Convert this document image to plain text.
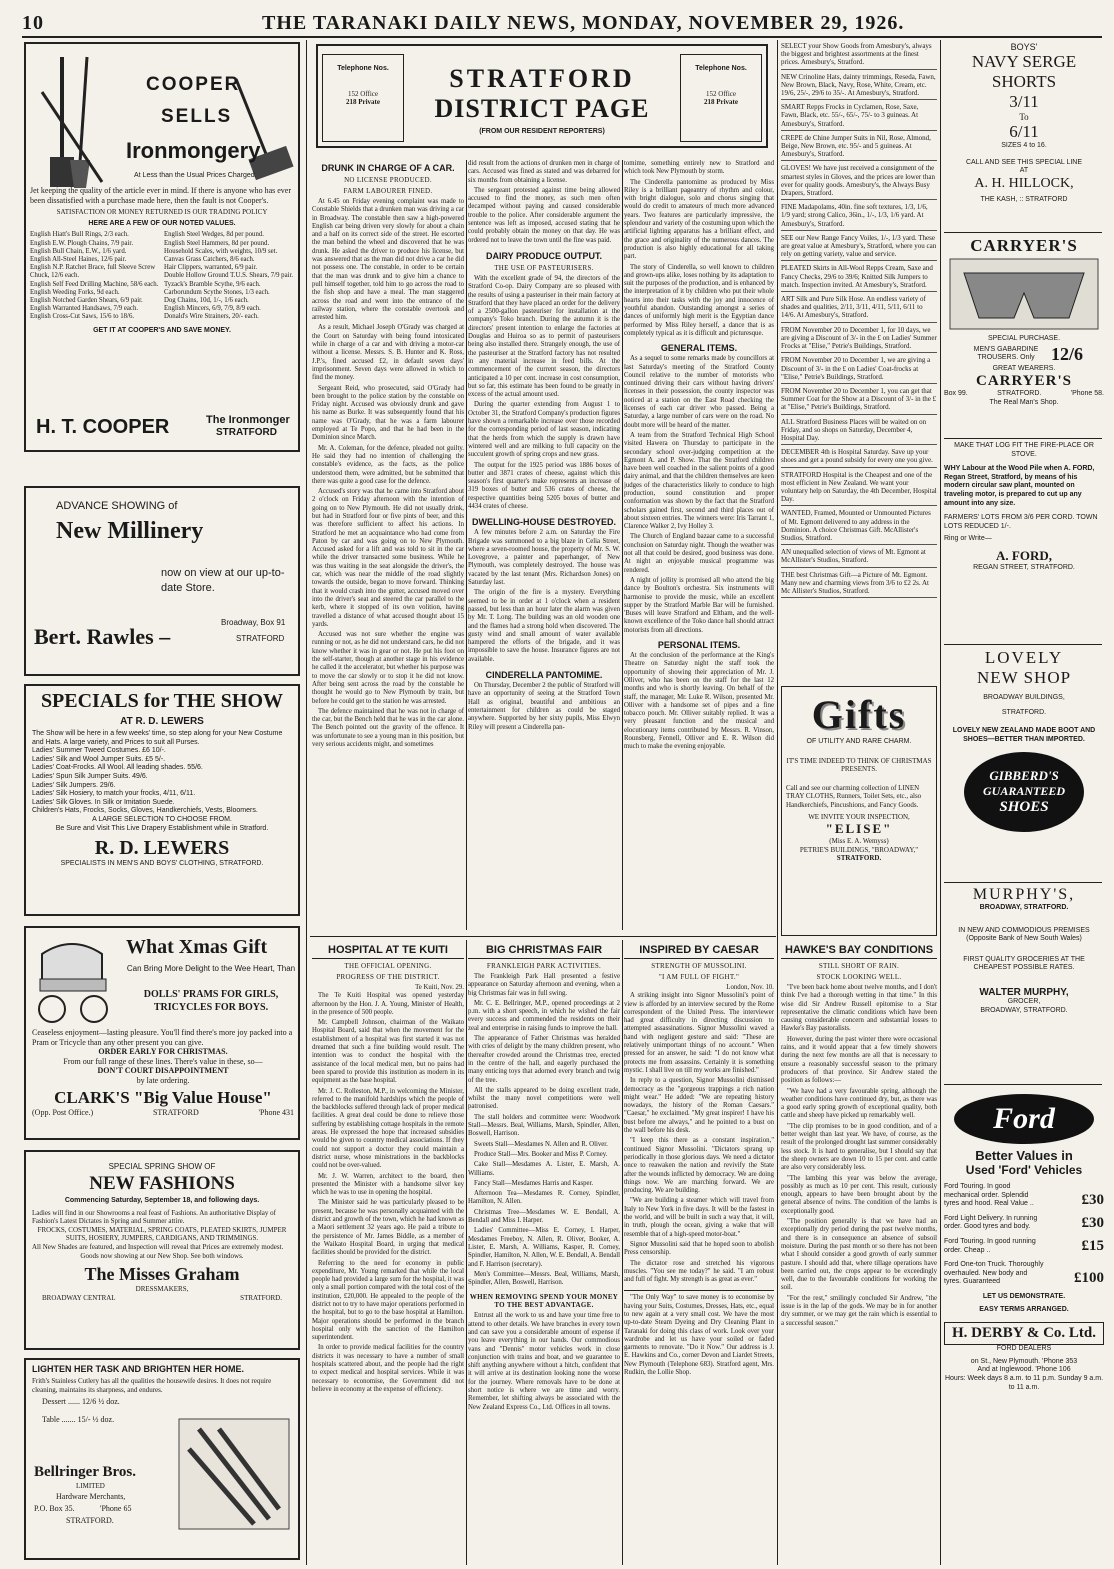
10	THE TARANAKI DAILY NEWS, MONDAY, NOVEMBER 29, 1926.
COOPER
SELLS
Ironmongery
At Less than the Usual Prices Charged.
Jet keeping the quality of the article ever in mind. If there is anyone who has ever been dissatisfied with a purchase made here, then the fault is not Cooper's.
SATISFACTION OR MONEY RETURNED IS OUR TRADING POLICY
HERE ARE A FEW OF OUR NOTED VALUES.
English Hiatt's Bull Rings, 2/3 each.
English E.W. Plough Chains, 7/9 pair.
English Bull Chain, E.W., 1/6 yard.
English All-Steel Haines, 12/6 pair.
English N.P. Ratchet Brace, full Sleeve Screw Chuck, 12/6 each.
English Self Feed Drilling Machine, 58/6 each.
English Weeding Forks, 9d each.
English Notched Garden Shears, 6/9 pair.
English Warranted Handsaws, 7/9 each.
English Cross-Cut Saws, 15/6 to 18/6.
English Steel Wedges, 8d per pound.
English Steel Hammers, 8d per pound.
Household Scales, with weights, 10/9 set.
Canvas Grass Catchers, 8/6 each.
Hair Clippers, warranted, 6/9 pair.
Double Hollow Ground T.U.S. Shears, 7/9 pair.
Tyzack's Bramble Scythe, 9/6 each.
Carborundum Scythe Stones, 1/3 each.
Dog Chains, 10d, 1/-, 1/6 each.
English Mincers, 6/9, 7/9, 8/9 each.
Donald's Wire Strainers, 20/- each.
GET IT AT COOPER'S AND SAVE MONEY.
H. T. COOPER	The Ironmonger
STRATFORD
ADVANCE SHOWING of
New Millinery
now on view at our up-to-date Store.
Bert. Rawles –
Broadway, Box 91
STRATFORD
SPECIALS for THE SHOW
AT R. D. LEWERS
The Show will be here in a few weeks' time, so step along for your New Costume and Hats. A large variety, and Prices to suit all Purses.
Ladies' Summer Tweed Costumes. £6 10/-.
Ladies' Silk and Wool Jumper Suits. £5 5/-.
Ladies' Coat-Frocks. All Wool. All leading shades. 55/6.
Ladies' Spun Silk Jumper Suits. 49/6.
Ladies' Silk Jumpers. 29/6.
Ladies' Silk Hosiery, to match your frocks, 4/11, 6/11.
Ladies' Silk Gloves. In Silk or Imitation Suede.
Children's Hats, Frocks, Socks, Gloves, Handkerchiefs, Vests, Bloomers.
A LARGE SELECTION TO CHOOSE FROM.
Be Sure and Visit This Live Drapery Establishment while in Stratford.
R. D. LEWERS
SPECIALISTS IN MEN'S AND BOYS' CLOTHING, STRATFORD.
What Xmas Gift
Can Bring More Delight to the Wee Heart, Than
DOLLS' PRAMS FOR GIRLS, TRICYCLES FOR BOYS.
Ceaseless enjoyment—lasting pleasure. You'll find there's more joy packed into a Pram or Tricycle than any other present you can give.
ORDER EARLY FOR CHRISTMAS.
From our full range of these lines. There's value in these, so—
DON'T COURT DISAPPOINTMENT
by late ordering.
CLARK'S "Big Value House"
(Opp. Post Office.)	STRATFORD	'Phone 431
SPECIAL SPRING SHOW OF
NEW FASHIONS
Commencing Saturday, September 18, and following days.
Ladies will find in our Showrooms a real feast of Fashions. An authoritative Display of Fashion's Latest Dictates in Spring and Summer attire.
FROCKS, COSTUMES, MATERIAL, SPRING COATS, PLEATED SKIRTS, JUMPER SUITS, HOSIERY, JUMPERS, CARDIGANS, AND TRIMMINGS.
All New Shades are featured, and Inspection will reveal that Prices are extremely modest.
Goods now showing at our New Shop. See both windows.
The Misses Graham
DRESSMAKERS,
BROADWAY CENTRAL	STRATFORD.
LIGHTEN HER TASK AND BRIGHTEN HER HOME.
Frith's Stainless Cutlery has all the qualities the housewife desires. It does not require cleaning, maintains its sharpness, and endures.
Dessert ...... 12/6 ½ doz.
Table ....... 15/- ½ doz.
Bellringer Bros.
LIMITED
Hardware Merchants,
P.O. Box 35.	'Phone 65
STRATFORD.
Telephone Nos.
152 Office
218 Private
STRATFORD
DISTRICT PAGE
(FROM OUR RESIDENT REPORTERS)
Telephone Nos.
152 Office
218 Private
DRUNK IN CHARGE OF A CAR.
NO LICENSE PRODUCED.
FARM LABOURER FINED.

At 6.45 on Friday evening complaint was made to Constable Shields that a drunken man was driving a car in Broadway. The constable then saw a high-powered English car being driven very slowly for about a chain and a half on its correct side of the street. He escorted the man behind the wheel and discovered that he was drunk. He asked the driver to produce his license, but was answered that as the man did not drive a car he did not possess one. The constable, in order to be certain that the man was drunk and to give him a chance to pull himself together, told him to go across the road to the fish shop and have a meal. The man staggered across the road and went into the entrance of the railway station, where the constable overtook and arrested him.

As a result, Michael Joseph O'Grady was charged at the Court on Saturday with being found intoxicated while in charge of a car and with driving a motor-car without a license. Messrs. S. B. Hunter and K. Ross, J.P.'s, fined accused £2, in default seven days' imprisonment. Seven days were allowed in which to find the money.

Sergeant Reid, who prosecuted, said O'Grady had been brought to the police station by the constable on Friday night. Accused was obviously drunk and gave his name as Burke. It was subsequently found that his name was O'Grady, that he was a farm labourer employed at Te Popo, and that he had been in the Dominion since March.

Mr. A. Coleman, for the defence, pleaded not guilty. He said they had no intention of challenging the constable's evidence, as the facts, as the police understood them, were admitted, but he submitted that there was quite a good case for the defence.

Accused's story was that he came into Stratford about 2 o'clock on Friday afternoon with the intention of going on to New Plymouth. He did not usually drink, but had in Stratford four or five pints of beer, and this was therefore sufficient to affect his actions. In Stratford he met an acquaintance who had come from Paton by car and was going on to New Plymouth. Accused asked for a lift and was told to sit in the car while the driver transacted some business. While he was thus waiting in the seat alongside the driver's, the car, which was near the middle of the road slightly towards the outside, began to move forward. Thinking that it would crash into the gutter, accused moved over into the driver's seat and steered the car parallel to the kerb, where it stopped of its own volition, having travelled a distance of what accused thought about 15 yards.

Accused was not sure whether the engine was running or not, as he did not understand cars, he did not know whether it was in gear or not. He put his foot on the self-starter, though at another stage in his evidence he called it the accelerator, but whether his purpose was to move the car slowly or to stop it he did not know. After being sent across the road by the constable he thought he would go to New Plymouth by train, but before he could get to the station he was arrested.

The defence maintained that he was not in charge of the car, but the Bench held that he was in the car alone. The Bench pointed out the gravity of the offence. It was unfortunate to see a young man in this position, but very serious accidents might, and sometimes

did result from the actions of drunken men in charge of cars. Accused was fined as stated and was debarred for six months from obtaining a license.

The sergeant protested against time being allowed accused to find the money, as such men often decamped without paying and caused considerable trouble to the police. After considerable argument the sentence was left as imposed, accused stating that he could probably obtain the money on that day. He was ordered not to leave the town until the fine was paid.

DAIRY PRODUCE OUTPUT.
THE USE OF PASTEURISERS.

With the excellent grade of 94, the directors of the Stratford Co-op. Dairy Company are so pleased with the results of using a pasteuriser in their main factory at Stratford that they have placed an order for the delivery of a 2500-gallon pasteuriser for installation at the company's Toko branch. During the autumn it is the directors' present intention to enlarge the factories at Douglas and Huiroa so as to permit of pasteurisers being also installed there. Strangely enough, the use of the pasteuriser at the Stratford factory has not resulted in any material increase in feed bills. At the commencement of the current season, the directors anticipated a 10 per cent. increase in cost consumption, but so far, this estimate has been found to be greatly in excess of the actual amount used.

During the quarter extending from August 1 to October 31, the Stratford Company's production figures have shown a remarkable increase over those recorded for the corresponding period of last season, indicating that the herds from which the supply is drawn have wintered well and are milking to full capacity on the succulent growth of spring crops and new grass.

The output for the 1925 period was 1886 boxes of butter and 3871 crates of cheese, against which this season's first quarter's make represents an increase of 319 boxes of butter and 536 crates of cheese, the respective quantities being 5205 boxes of butter and 4434 crates of cheese.

DWELLING-HOUSE DESTROYED.

A few minutes before 2 a.m. on Saturday the Fire Brigade was summoned to a big blaze in Celia Street, where a seven-roomed house, the property of Mr. S. W. Lovegrove, a painter and paperhanger, of New Plymouth, was completely destroyed. The house was vacated by the last tenant (Mrs. Richardson Jones) on Saturday last.

The origin of the fire is a mystery. Everything seemed to be in order at 1 o'clock when a resident passed, but less than an hour later the alarm was given by Mr. T. Long. The building was an old wooden one and the flames had a strong hold when discovered. The gusty wind and small amount of water available hampered the efforts of the brigade, and it was impossible to save the house. Insurance figures are not available.

CINDERELLA PANTOMIME.

On Thursday, December 2 the public of Stratford will have an opportunity of seeing at the Stratford Town Hall as original, beautiful and ambitious an entertainment for children as could be staged anywhere. Supported by her sixty pupils, Miss Elwyn Riley will present a Cinderella pan-

tomime, something entirely new to Stratford and which took New Plymouth by storm.

The Cinderella pantomime as produced by Miss Riley is a brilliant pageantry of rhythm and colour, with bright dialogue, solo and chorus singing that would do credit to amateurs of much more advanced years. Two features are particularly impressive, the splendour and variety of the costuming upon which the artificial lighting apparatus has a brilliant effect, and the grace and originality of the numerous dances. The production is also highly educational for all taking part.

The story of Cinderella, so well known to children and grown-ups alike, loses nothing by its adaptation to suit the purposes of the production, and is enhanced by the interpretation of it by children who put their whole hearts into their tasks with the joy and innocence of youthful abandon. Outstanding amongst a series of dances of uniformly high merit is the Egyptian dance performed by Miss Riley herself, a dance that is as completely typical as it is difficult and picturesque.

GENERAL ITEMS.

As a sequel to some remarks made by councillors at last Saturday's meeting of the Stratford County Council relative to the number of motorists who continued driving their cars without having drivers' licenses in their possession, the county inspector was noticed at a station on the East Road checking the licenses of each car driver who passed. Being a Saturday, a large number of cars were on the road. No doubt more will be heard of the matter.

A team from the Stratford Technical High School visited Hawera on Thursday to participate in the secondary school over-judging competition at the Egmont A. and P. Show. That the Stratford children have been well coached in the salient points of a good dairy animal, and that the children themselves are keen judges of the characteristics likely to conduce to high production, sound constitution and proper conformation was shown by the fact that the Stratford scholars gained first, second and third places out of about sixteen entries. The winners were: Iris Tarrant 1, Clarence Walker 2, Ivy Holley 3.

The Church of England bazaar came to a successful conclusion on Saturday night. Though the weather was not all that could be desired, good business was done. At night an enjoyable musical programme was rendered.

A night of jollity is promised all who attend the big dance by Boulton's orchestra. Six instruments will harmonise to provide the music, while an excellent supper by the Stratford Marble Bar will be furnished. 'Buses will leave Stratford and Eltham, and the well-known excellence of the Toko dance hall should attract motorists from all directions.

PERSONAL ITEMS.

At the conclusion of the performance at the King's Theatre on Saturday night the staff took the opportunity of showing their appreciation of Mr. J. Olliver, who has been on the staff for the last 12 months and who is shortly leaving. On behalf of the staff, the manager, Mr. Luke R. Wilson, presented Mr. Olliver with a handsome set of pipes and a fine tobacco pouch. Mr. Olliver suitably replied. It was a very pleasant function and the musical and elocutionary items contributed by Messrs. R. Vinson, Rounsberg, Fennell, Olliver and E. R. Wilson did much to make the evening enjoyable.

HOSPITAL AT TE KUITI
THE OFFICIAL OPENING.
PROGRESS OF THE DISTRICT.
Te Kuiti, Nov. 29.

The Te Kuiti Hospital was opened yesterday afternoon by the Hon. J. A. Young, Minister of Health, in the presence of 500 people.

Mr. Campbell Johnson, chairman of the Waikato Hospital Board, said that when the movement for the establishment of a hospital was first started it was not dreamed that such a fine building would result. The intention was to conduct the hospital with the assistance of the local medical men, but no pains had been spared to provide this institution as modern in its equipment as the base hospital.

Mr. J. C. Rolleston, M.P., in welcoming the Minister, referred to the manifold hardships which the people of the backblocks suffered through lack of proper medical facilities. A great deal could be done to relieve those suffering by establishing cottage hospitals in the remote areas. He expressed the hope that increased subsidies would be given to country medical associations. If they could not support a doctor they could maintain a district nurse, whose ministrations in the backblocks could not be over-valued.

Mr. J. W. Warren, architect to the board, then presented the Minister with a handsome silver key which he was to use in opening the hospital.

The Minister said he was particularly pleased to be present, because he was personally acquainted with the district and growth of the town, which he had known as a Maori settlement 32 years ago. He paid a tribute to the persistence of Mr. James Biddle, as a member of the Waikato Hospital Board, in urging that medical facilities should be provided for the district.

Referring to the need for economy in public expenditure, Mr. Young remarked that while the local people had provided a large sum for the hospital, it was only a small portion compared with the total cost of the institution, £20,000. He appealed to the people of the district not to try to have major operations performed in the hospital, but to go to the base hospital at Hamilton. Major operations should be performed in the branch hospital only with the sanction of the Hamilton superintendent.

In order to provide medical facilities for the country districts it was necessary to have a number of small hospitals scattered about, and the people had the right to expect medical and hospital services. While it was necessary to economise, the Government did not believe in economy at the expense of efficiency.

BIG CHRISTMAS FAIR
FRANKLEIGH PARK ACTIVITIES.

The Frankleigh Park Hall presented a festive appearance on Saturday afternoon and evening, when a big Christmas fair was in full swing.

Mr. C. E. Bellringer, M.P., opened proceedings at 2 p.m. with a short speech, in which he wished the fair every success and commended the residents on their zeal and enterprise in raising funds to improve the hall.

The appearance of Father Christmas was heralded with cries of delight by the many children present, who thereafter crowded around the Christmas tree, erected in the centre of the hall, and eagerly purchased the many enticing toys that adorned every branch and twig of the tree.

All the stalls appeared to be doing excellent trade, whilst the many novel competitions were well patronised.

The stall holders and committee were: Woodwork Stall—Messrs. Beal, Williams, Marsh, Spindler, Allen, Boswell, Harrison.

Sweets Stall—Mesdames N. Allen and R. Oliver.

Produce Stall—Mrs. Booker and Miss P. Corney.

Cake Stall—Mesdames A. Lister, E. Marsh, A. Williams.

Fancy Stall—Mesdames Harris and Kasper.

Afternoon Tea—Mesdames R. Corney, Spindler, Hamilton, N. Allen.

Christmas Tree—Mesdames W. E. Bendall, A. Bendall and Miss I. Harper.

Ladies' Committee—Miss E. Corney, I. Harper, Mesdames Freeboy, N. Allen, R. Oliver, Booker, A. Lister, E. Marsh, A. Williams, Kasper, R. Corney, Spindler, Hamilton, N. Allen, W. E. Bendall, A. Bendall and F. Harrison (secretary).

Men's Committee—Messrs. Beal, Williams, Marsh, Spindler, Allen, Boswell, Harrison.

WHEN REMOVING SPEND YOUR MONEY TO THE BEST ADVANTAGE.

Entrust all the work to us and have your time free to attend to other details. We have branches in every town and can save you a considerable amount of expense if you leave everything in our hands. Our commodious vans and "Dennis" motor vehicles work in close conjunction with trains and boat, and we guarantee to shift anything anywhere without a hitch, confident that it will arrive at its destination looking none the worse for the journey. Where removals have to be done at short notice is where we are time and worry. Remember, let shifting always be associated with the New Zealand Express Co., Ltd. Offices in all towns.

INSPIRED BY CAESAR
STRENGTH OF MUSSOLINI.
"I AM FULL OF FIGHT."
London, Nov. 10.

A striking insight into Signor Mussolini's point of view is afforded by an interview secured by the Rome correspondent of the United Press. The interviewer had great difficulty in directing discussion to attempted assassinations. Signor Mussolini waved a hand with negligent gesture and said: "These are relatively unimportant things of no account." When pressed for an answer, he said: "I do not know what protects me from assassins. Certainly it is something mystic. I shall live on till my works are finished."

In reply to a question, Signor Mussolini dismissed democracy as the "gorgeous trappings a rich nation might wear." He added: "We are repeating history nowadays, the history of the Roman Caesars." "Caesar," he exclaimed. "My great inspirer! I have his bust before me always," and he pointed to a bust on the wall before his desk.

"I keep this there as a constant inspiration," continued Signor Mussolini. "Dictators sprang up periodically in those glorious days. We need a dictator once to reawaken the nation and revivify the State after the wounds inflicted by democracy. We are doing things now. We are marching forward. We are producing. We are building.

"We are building a steamer which will travel from Italy to New York in five days. It will be the fastest in the world, and will be built in such a way that, it will, in truth, plough the ocean, giving a wake that will resemble that of a high-speed motor-boat."

Signor Mussolini said that he hoped soon to abolish Press censorship.

The dictator rose and stretched his vigorous muscles. "You see me today?" he said. "I am robust and full of fight. My strength is as great as ever."

"The Only Way" to save money is to economise by having your Suits, Costumes, Dresses, Hats, etc., equal to new again at a very small cost. We have the most up-to-date Steam Dyeing and Dry Cleaning Plant in Taranaki for doing this class of work. Look over your wardrobe and let us have your soiled or faded garments to renovate. "Do it Now." Our address is J. E. Hawkins and Co., corner Devon and Liardet Streets, New Plymouth (Telephone 683). Stratford agent, Mrs. Rudkin, the Lollie Shop.

SELECT your Show Goods from Amesbury's, always the biggest and brightest assortments at the finest prices. Amesbury's, Stratford.

NEW Crinoline Hats, dainty trimmings, Reseda, Fawn, New Brown, Black, Navy, Rose, White, Cream, etc. 19/6, 25/-, 29/6 to 35/-. At Amesbury's, Stratford.

SMART Repps Frocks in Cyclamen, Rose, Saxe, Fawn, Black, etc. 55/-, 65/-, 75/- to 3 guineas. At Amesbury's, Stratford.

CREPE de Chine Jumper Suits in Nil, Rose, Almond, Beige, New Brown, etc. 95/- and 5 guineas. At Amesbury's, Stratford.

GLOVES! We have just received a consignment of the smartest styles in Gloves, and the prices are lower than ever for quality goods. Amesbury's, the Always Busy Drapers, Stratford.

FINE Madapolams, 40in. fine soft textures, 1/3, 1/6, 1/9 yard; strong Calico, 36in., 1/-, 1/3, 1/6 yard. At Amesbury's, Stratford.

SEE our New Range Fancy Voiles, 1/-, 1/3 yard. These are great value at Amesbury's, Stratford, where you can rely on getting variety, value and service.

PLEATED Skirts in All-Wool Repps Cream, Saxe and Fancy Checks, 29/6 to 39/6; Knitted Silk Jumpers to match. Inspection invited. At Amesbury's, Stratford.

ART Silk and Pure Silk Hose. An endless variety of shades and qualities, 2/11, 3/11, 4/11, 5/11, 6/11 to 14/6. At Amesbury's, Stratford.

FROM November 20 to December 1, for 10 days, we are giving a Discount of 3/- in the £ on Ladies' Summer Frocks at "Elise," Petrie's Buildings, Stratford.

FROM November 20 to December 1, we are giving a Discount of 3/- in the £ on Ladies' Coat-frocks at "Elise," Petrie's Buildings, Stratford.

FROM November 20 to December 1, you can get that Summer Coat for the Show at a Discount of 3/- in the £ at "Elise," Petrie's Buildings, Stratford.

ALL Stratford Business Places will be waited on on Friday, and so shops on Saturday, December 4, Hospital Day.

DECEMBER 4th is Hospital Saturday. Save up your shoes and get a pound subsidy for every one you give.

STRATFORD Hospital is the Cheapest and one of the most efficient in New Zealand. We want your voluntary help on Saturday, the 4th December, Hospital Day.

WANTED, Framed, Mounted or Unmounted Pictures of Mt. Egmont delivered to any address in the Dominion. A choice Christmas Gift. McAllister's Studios, Stratford.

AN unequalled selection of views of Mt. Egmont at McAllister's Studios, Stratford.

THE best Christmas Gift—a Picture of Mt. Egmont. Many new and charming views from 3/6 to £2 2s. At Mc Allister's Studios, Stratford.

Gifts
OF UTILITY AND RARE CHARM.
IT'S TIME INDEED TO THINK OF CHRISTMAS PRESENTS.
Call and see our charming collection of LINEN TRAY CLOTHS, Runners, Toilet Sets, etc., also Handkerchiefs, Pincushions, and Fancy Goods.
WE INVITE YOUR INSPECTION,
"ELISE"
(Miss E. A. Wemyss)
PETRIE'S BUILDINGS, "BROADWAY,"
STRATFORD.
HAWKE'S BAY CONDITIONS
STILL SHORT OF RAIN.
STOCK LOOKING WELL.

"I've been back home about twelve months, and I don't think I've had a thorough wetting in that time." In this wise did Sir Andrew Russell epitomise to a Star representative the climatic conditions which have been causing considerable concern and substantial losses to Hawke's Bay pastoralists.

However, during the past winter there were occasional rains, and it would appear that a few timely showers during the next few months are all that is necessary to ensure a reasonably successful season to the primary producers of that province. Sir Andrew stated the position as follows:—

"We have had a very favourable spring, although the weather conditions have continued dry, but, as there was a good early spring growth of exceptional quality, both cattle and sheep have picked up remarkably well.

"The clip promises to be in good condition, and of a better weight than last year. We have, of course, as the result of the prolonged drought last summer considerably less stock. It is hard to generalise, but I should say that the sheep owners are down 10 to 15 per cent. and cattle are also very considerably less.

"The lambing this year was below the average, possibly as much as 10 per cent. This result, curiously enough, appears to have been brought about by the general absence of twins. The condition of the lambs is exceptionally good.

"The position generally is that we have had an exceptionally dry period during the past twelve months, and there is in consequence an absence of subsoil moisture. During the past month or so there has not been what I should consider a good growth of early summer pasture. I should add that, where tillage operations have been carried out, the crops appear to be exceedingly well, due to the favourable conditions for working the soil.

"For the rest," smilingly concluded Sir Andrew, "the issue is in the lap of the gods. We may be in for another dry summer, or we may get the rain which is essential to a successful season."

BOYS'
NAVY SERGE
SHORTS
3/11
To
6/11
SIZES 4 to 16.
CALL AND SEE THIS SPECIAL LINE
AT
A. H. HILLOCK,
THE KASH, :: STRATFORD
CARRYER'S
SPECIAL PURCHASE.
MEN'S GABARDINE TROUSERS. Only 12/6
GREAT WEARERS.
CARRYER'S
Box 99.	STRATFORD.	'Phone 58.
The Real Man's Shop.
MAKE THAT LOG FIT THE FIRE-PLACE OR STOVE.
WHY Labour at the Wood Pile when A. FORD, Regan Street, Stratford, by means of his modern circular saw plant, mounted on traveling motor, is prepared to cut up any amount into any size.
FARMERS' LOTS FROM 3/6 PER CORD. TOWN LOTS REDUCED 1/-.
Ring or Write—
A. FORD,
REGAN STREET, STRATFORD.
LOVELY
NEW SHOP
BROADWAY BUILDINGS,
STRATFORD.
LOVELY NEW ZEALAND MADE BOOT AND SHOES—BETTER THAN IMPORTED.
GIBBERD'S
GUARANTEED
SHOES
MURPHY'S,
BROADWAY, STRATFORD.
IN NEW AND COMMODIOUS PREMISES
(Opposite Bank of New South Wales)
FIRST QUALITY GROCERIES AT THE CHEAPEST POSSIBLE RATES.
WALTER MURPHY,
GROCER,
BROADWAY, STRATFORD.
Ford
Better Values in
Used 'Ford' Vehicles
Ford Touring. In good mechanical order. Splendid tyres and hood. Real Value ..	£30
Ford Light Delivery. In running order. Good tyres and body.	£30
Ford Touring. In good running order. Cheap ..	£15
Ford One-ton Truck. Thoroughly overhauled. New body and tyres. Guaranteed	£100
LET US DEMONSTRATE.
EASY TERMS ARRANGED.
H. DERBY & Co. Ltd.
FORD DEALERS
on St., New Plymouth. 'Phone 353
And at Inglewood. 'Phone 106
Hours: Week days 8 a.m. to 11 p.m. Sunday 9 a.m. to 11 a.m.
